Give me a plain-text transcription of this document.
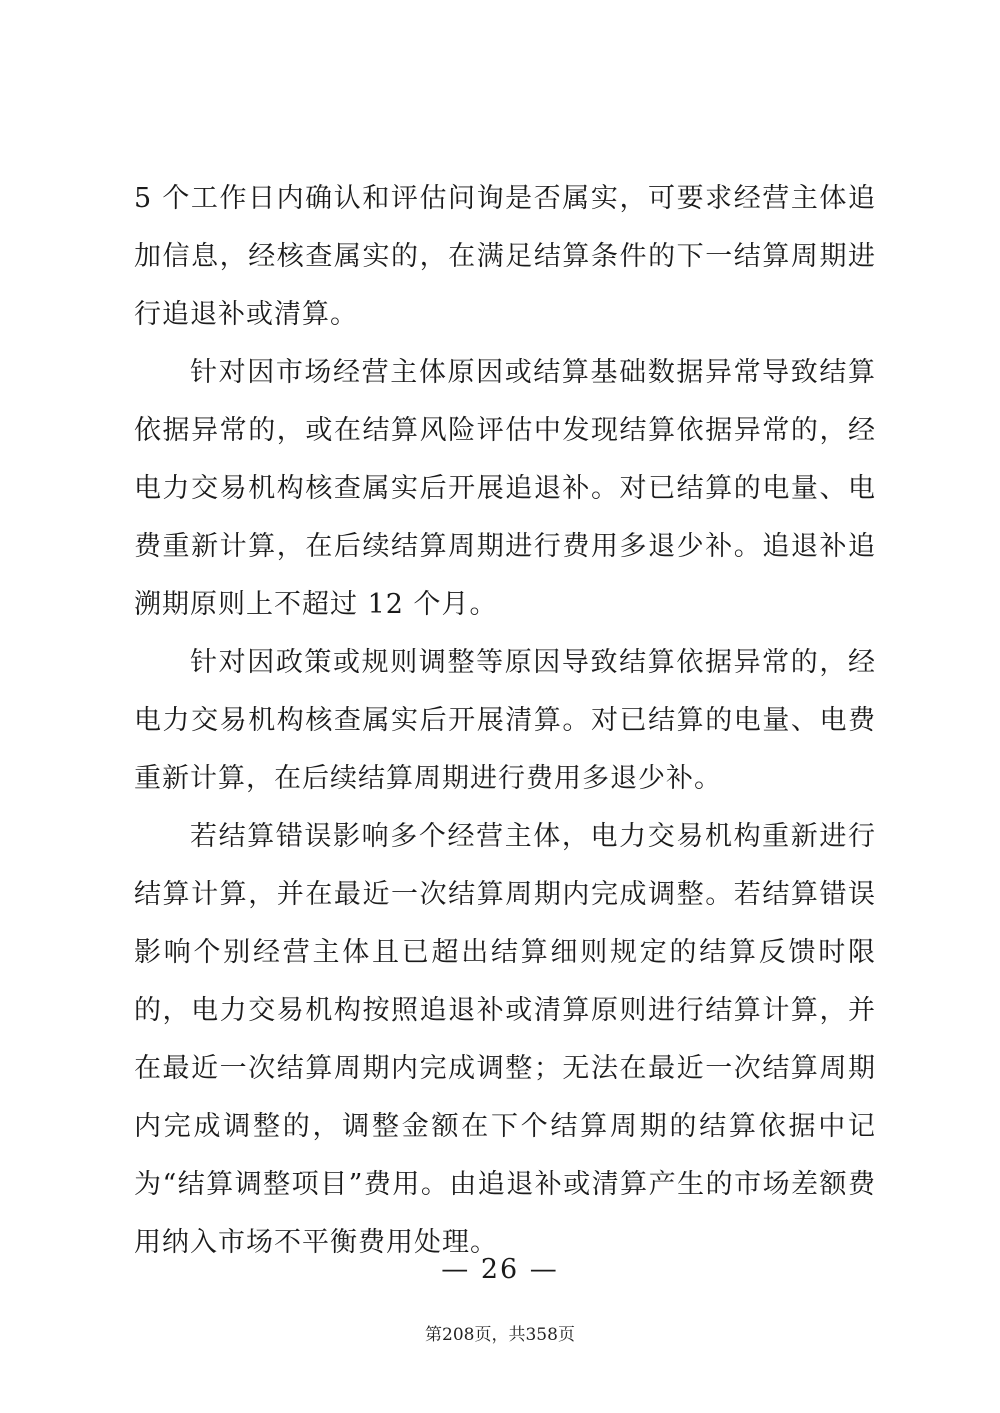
5 个工作日内确认和评估问询是否属实，可要求经营主体追加信息，经核查属实的，在满足结算条件的下一结算周期进行追退补或清算。

针对因市场经营主体原因或结算基础数据异常导致结算依据异常的，或在结算风险评估中发现结算依据异常的，经电力交易机构核查属实后开展追退补。对已结算的电量、电费重新计算，在后续结算周期进行费用多退少补。追退补追溯期原则上不超过 12 个月。

针对因政策或规则调整等原因导致结算依据异常的，经电力交易机构核查属实后开展清算。对已结算的电量、电费重新计算，在后续结算周期进行费用多退少补。

若结算错误影响多个经营主体，电力交易机构重新进行结算计算，并在最近一次结算周期内完成调整。若结算错误影响个别经营主体且已超出结算细则规定的结算反馈时限的，电力交易机构按照追退补或清算原则进行结算计算，并在最近一次结算周期内完成调整；无法在最近一次结算周期内完成调整的，调整金额在下个结算周期的结算依据中记为“结算调整项目”费用。由追退补或清算产生的市场差额费用纳入市场不平衡费用处理。

— 26 —
第208页，共358页
